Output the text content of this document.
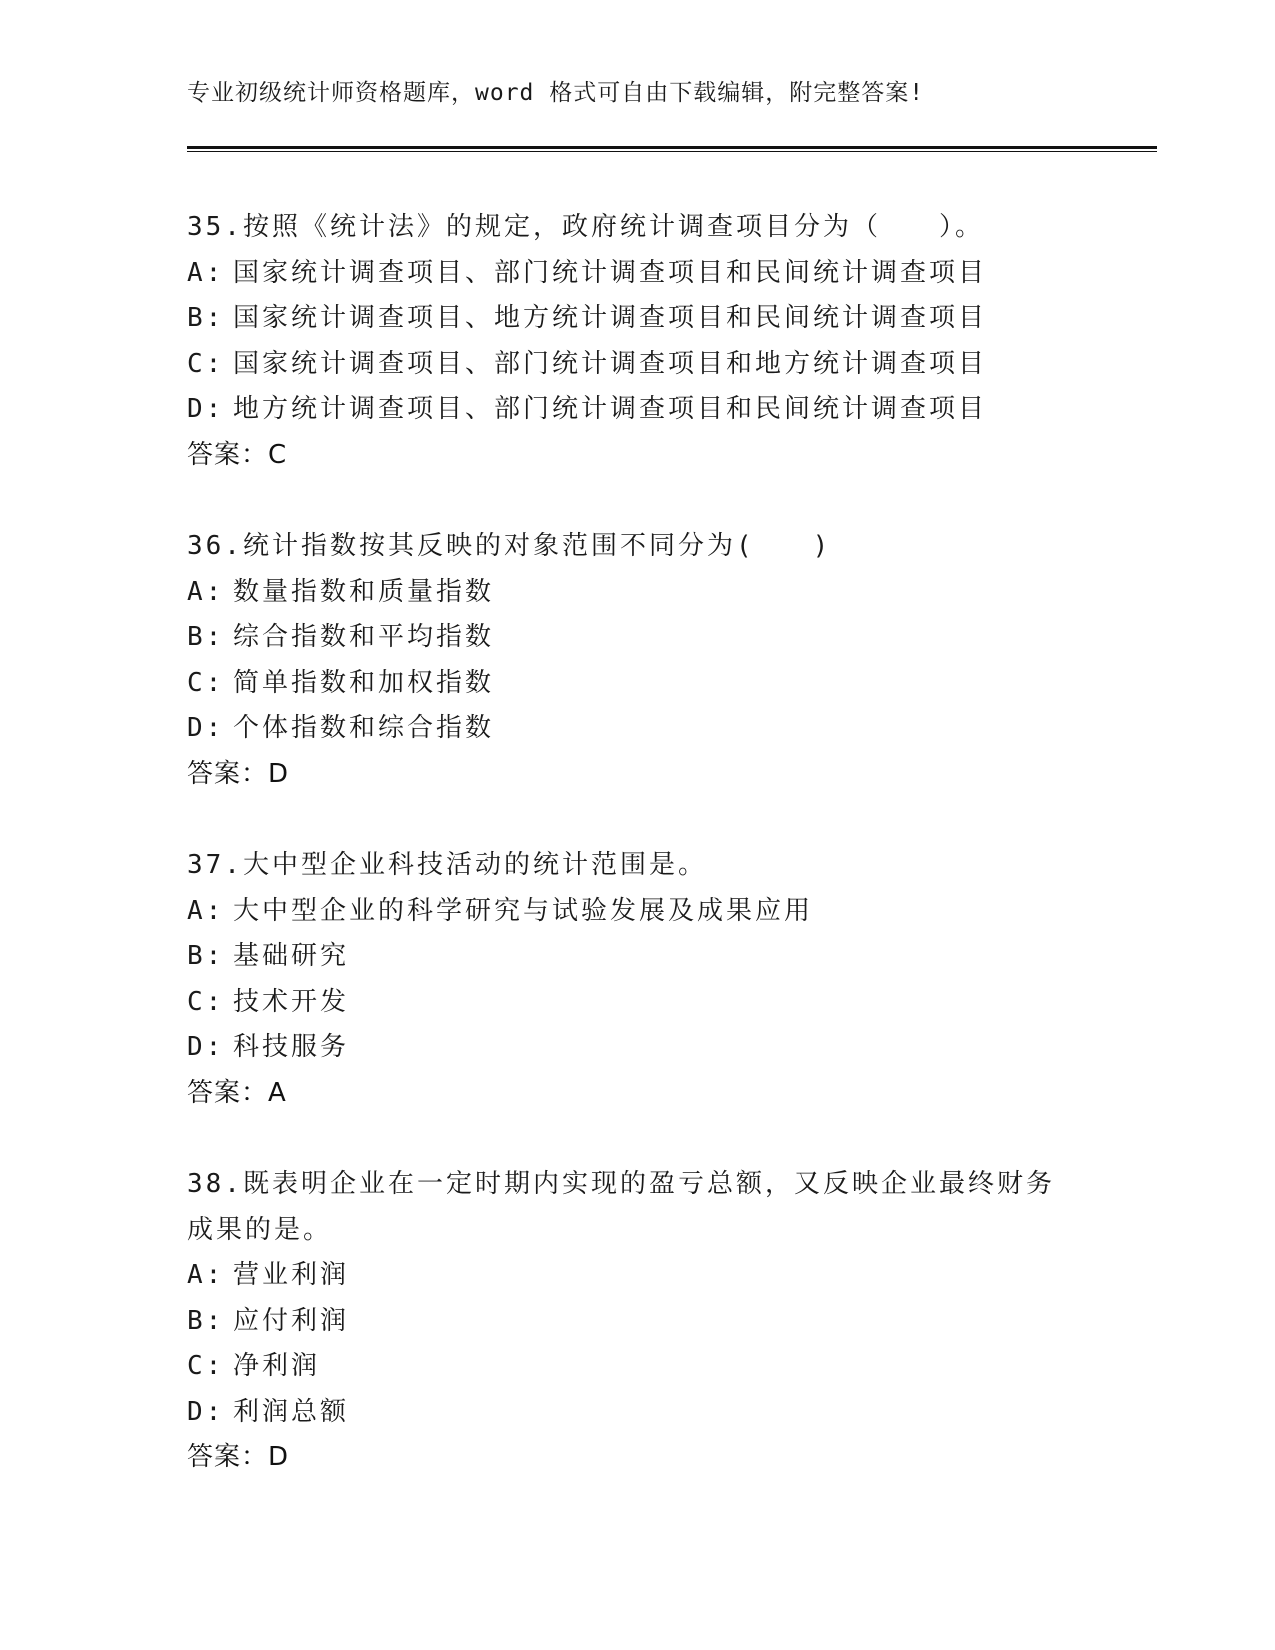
专业初级统计师资格题库，word 格式可自由下载编辑，附完整答案!
35.按照《统计法》的规定，政府统计调查项目分为（　　）。
A: 国家统计调查项目、部门统计调查项目和民间统计调查项目
B: 国家统计调查项目、地方统计调查项目和民间统计调查项目
C: 国家统计调查项目、部门统计调查项目和地方统计调查项目
D: 地方统计调查项目、部门统计调查项目和民间统计调查项目
答案：C
36.统计指数按其反映的对象范围不同分为(　　)
A: 数量指数和质量指数
B: 综合指数和平均指数
C: 简单指数和加权指数
D: 个体指数和综合指数
答案：D
37.大中型企业科技活动的统计范围是。
A: 大中型企业的科学研究与试验发展及成果应用
B: 基础研究
C: 技术开发
D: 科技服务
答案：A
38.既表明企业在一定时期内实现的盈亏总额，又反映企业最终财务成果的是。
A: 营业利润
B: 应付利润
C: 净利润
D: 利润总额
答案：D
